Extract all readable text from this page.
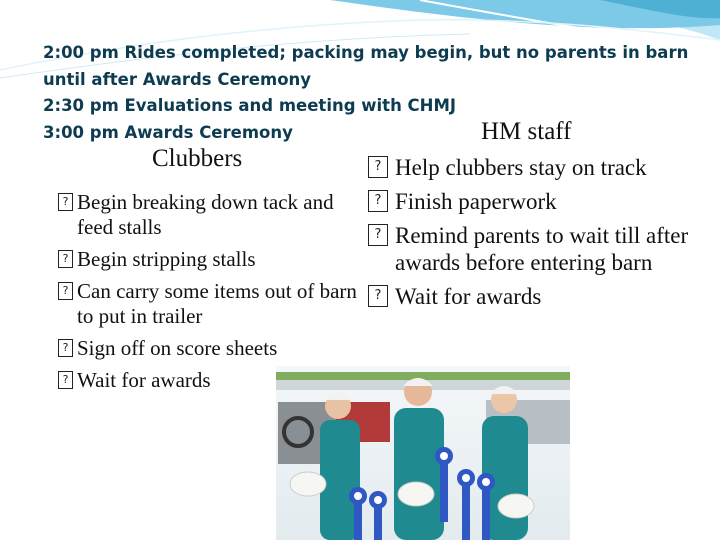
2:00 pm Rides completed; packing may begin, but no parents in barn
until after Awards Ceremony
2:30 pm Evaluations and meeting with CHMJ
3:00 pm Awards Ceremony
Clubbers
HM staff
?
Begin breaking down tack and feed stalls
?
Begin stripping stalls
?
Can carry some items out of barn to put in trailer
?
Sign off on score sheets
?
Wait for awards
?
Help clubbers stay on track
?
Finish paperwork
?
Remind parents to wait till after awards before entering barn
?
Wait for awards
